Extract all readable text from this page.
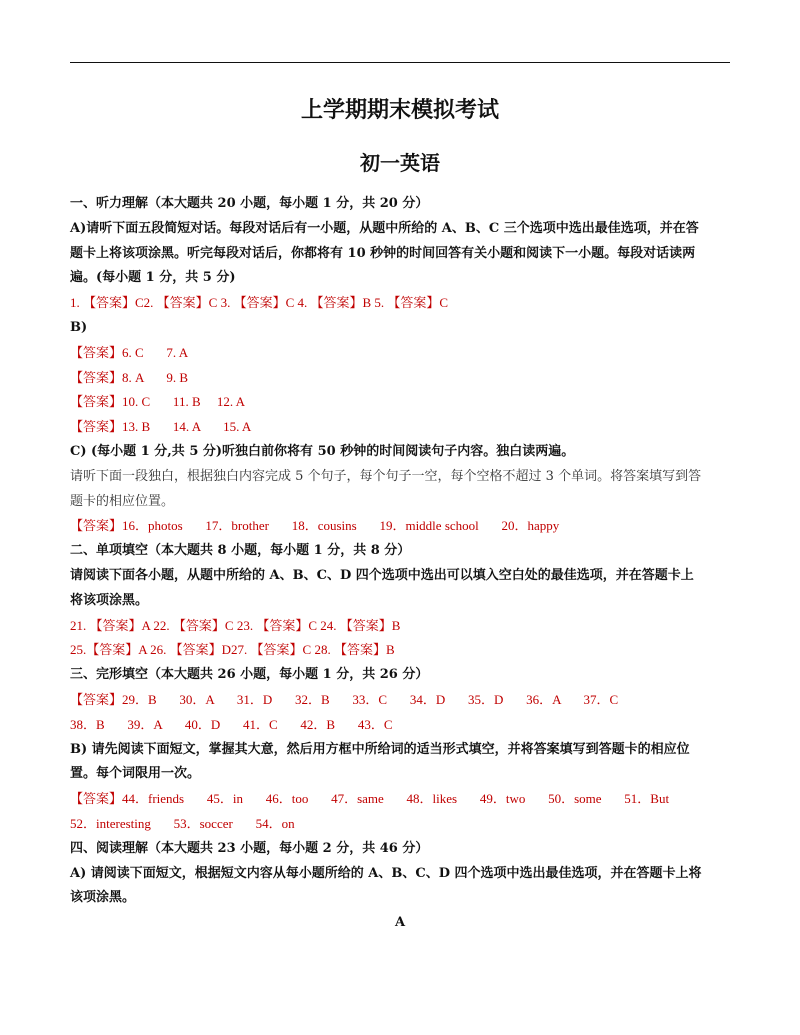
上学期期末模拟考试
初一英语
一、听力理解（本大题共 20 小题，每小题 1 分，共 20 分）
A)请听下面五段简短对话。每段对话后有一小题，从题中所给的 A、B、C 三个选项中选出最佳选项，并在答
题卡上将该项涂黑。听完每段对话后，你都将有 10 秒钟的时间回答有关小题和阅读下一小题。每段对话读两
遍。(每小题 1 分，共 5 分)
1. 【答案】C2. 【答案】C 3. 【答案】C 4. 【答案】B 5. 【答案】C
B)
【答案】6. C       7. A
【答案】8. A       9. B
【答案】10. C       11. B     12. A
【答案】13. B       14. A       15. A
C) (每小题 1 分,共 5 分)听独白前你将有 50 秒钟的时间阅读句子内容。独白读两遍。
请听下面一段独白，根据独白内容完成 5 个句子，每个句子一空，每个空格不超过 3 个单词。将答案填写到答
题卡的相应位置。
【答案】16．photos       17．brother       18．cousins       19．middle school       20．happy
二、单项填空（本大题共 8 小题，每小题 1 分，共 8 分）
请阅读下面各小题，从题中所给的 A、B、C、D 四个选项中选出可以填入空白处的最佳选项，并在答题卡上
将该项涂黑。
21. 【答案】A 22. 【答案】C 23. 【答案】C 24. 【答案】B
25.【答案】A 26. 【答案】D27. 【答案】C 28. 【答案】B
三、完形填空（本大题共 26 小题，每小题 1 分，共 26 分）
【答案】29．B       30．A       31．D       32．B       33．C       34．D       35．D       36．A       37．C
38．B       39．A       40．D       41．C       42．B       43．C
B) 请先阅读下面短文，掌握其大意，然后用方框中所给词的适当形式填空，并将答案填写到答题卡的相应位
置。每个词限用一次。
【答案】44．friends       45．in       46．too       47．same       48．likes       49．two       50．some       51．But
52．interesting       53．soccer       54．on
四、阅读理解（本大题共 23 小题，每小题 2 分，共 46 分）
A) 请阅读下面短文，根据短文内容从每小题所给的 A、B、C、D 四个选项中选出最佳选项，并在答题卡上将
该项涂黑。
A
